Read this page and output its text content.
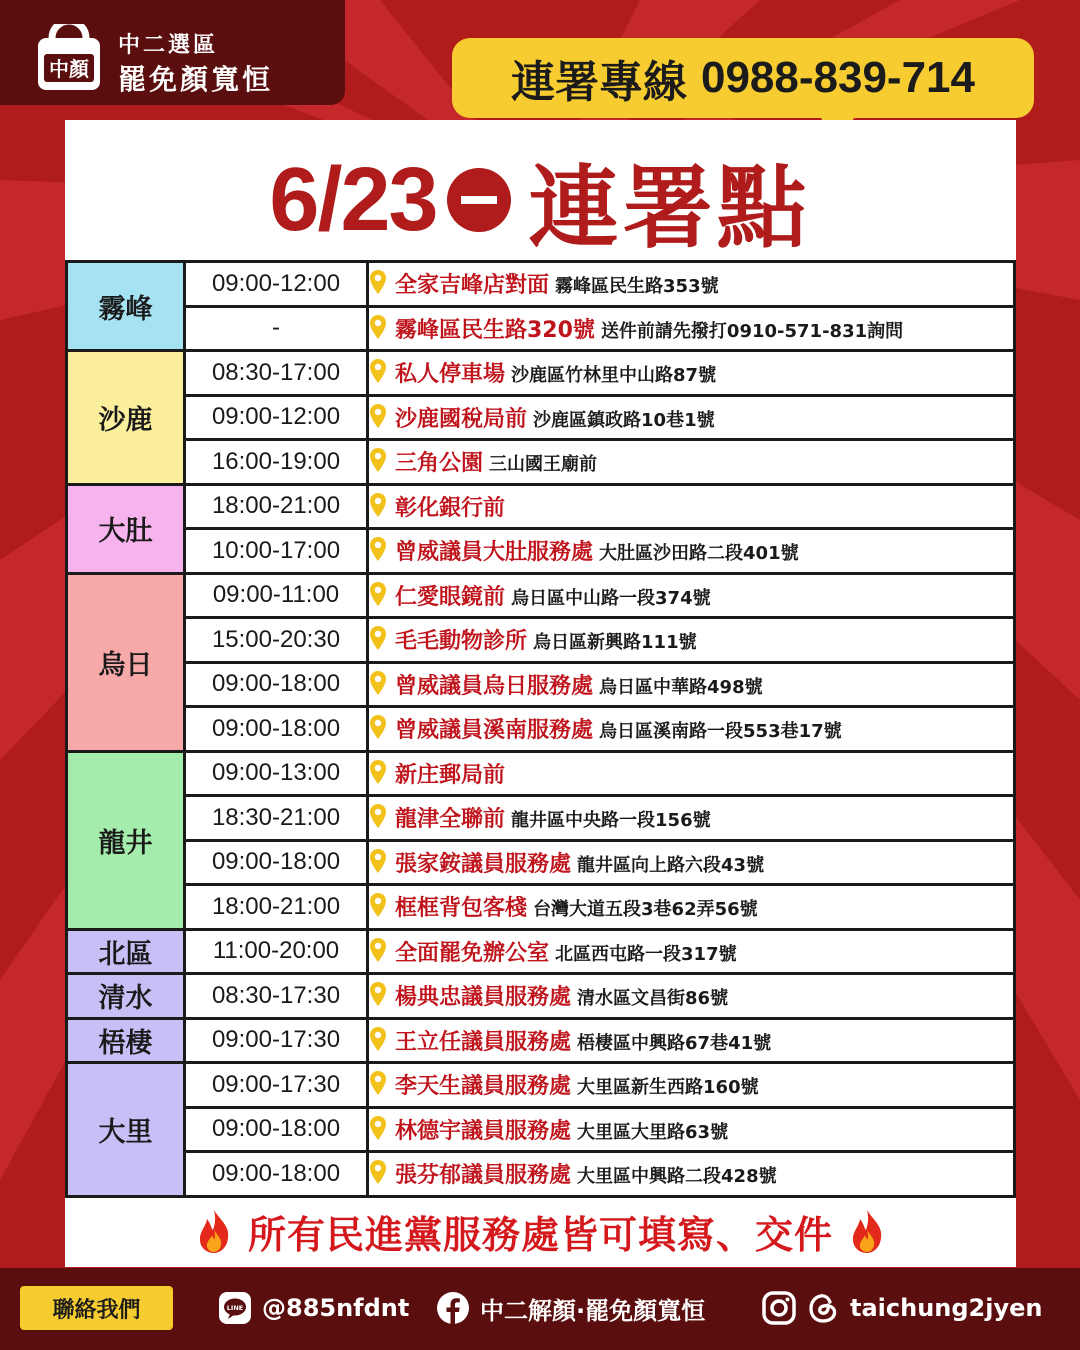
中顏
中二選區
罷免顏寬恒	連署專線 0988-839-714
6/23 連署點
霧峰	09:00-12:00	全家吉峰店對面 霧峰區民生路353號
	-	霧峰區民生路320號 送件前請先撥打0910-571-831詢問
沙鹿	08:30-17:00	私人停車場 沙鹿區竹林里中山路87號
	09:00-12:00	沙鹿國稅局前 沙鹿區鎮政路10巷1號
	16:00-19:00	三角公園 三山國王廟前
大肚	18:00-21:00	彰化銀行前
	10:00-17:00	曾威議員大肚服務處 大肚區沙田路二段401號
烏日	09:00-11:00	仁愛眼鏡前 烏日區中山路一段374號
	15:00-20:30	毛毛動物診所 烏日區新興路111號
	09:00-18:00	曾威議員烏日服務處 烏日區中華路498號
	09:00-18:00	曾威議員溪南服務處 烏日區溪南路一段553巷17號
龍井	09:00-13:00	新庄郵局前
	18:30-21:00	龍津全聯前 龍井區中央路一段156號
	09:00-18:00	張家銨議員服務處 龍井區向上路六段43號
	18:00-21:00	框框背包客棧 台灣大道五段3巷62弄56號
北區	11:00-20:00	全面罷免辦公室 北區西屯路一段317號
清水	08:30-17:30	楊典忠議員服務處 清水區文昌街86號
梧棲	09:00-17:30	王立任議員服務處 梧棲區中興路67巷41號
大里	09:00-17:30	李天生議員服務處 大里區新生西路160號
	09:00-18:00	林德宇議員服務處 大里區大里路63號
	09:00-18:00	張芬郁議員服務處 大里區中興路二段428號
所有民進黨服務處皆可填寫、交件
聯絡我們	LINE @885nfdnt	中二解顏·罷免顏寬恒	taichung2jyen
